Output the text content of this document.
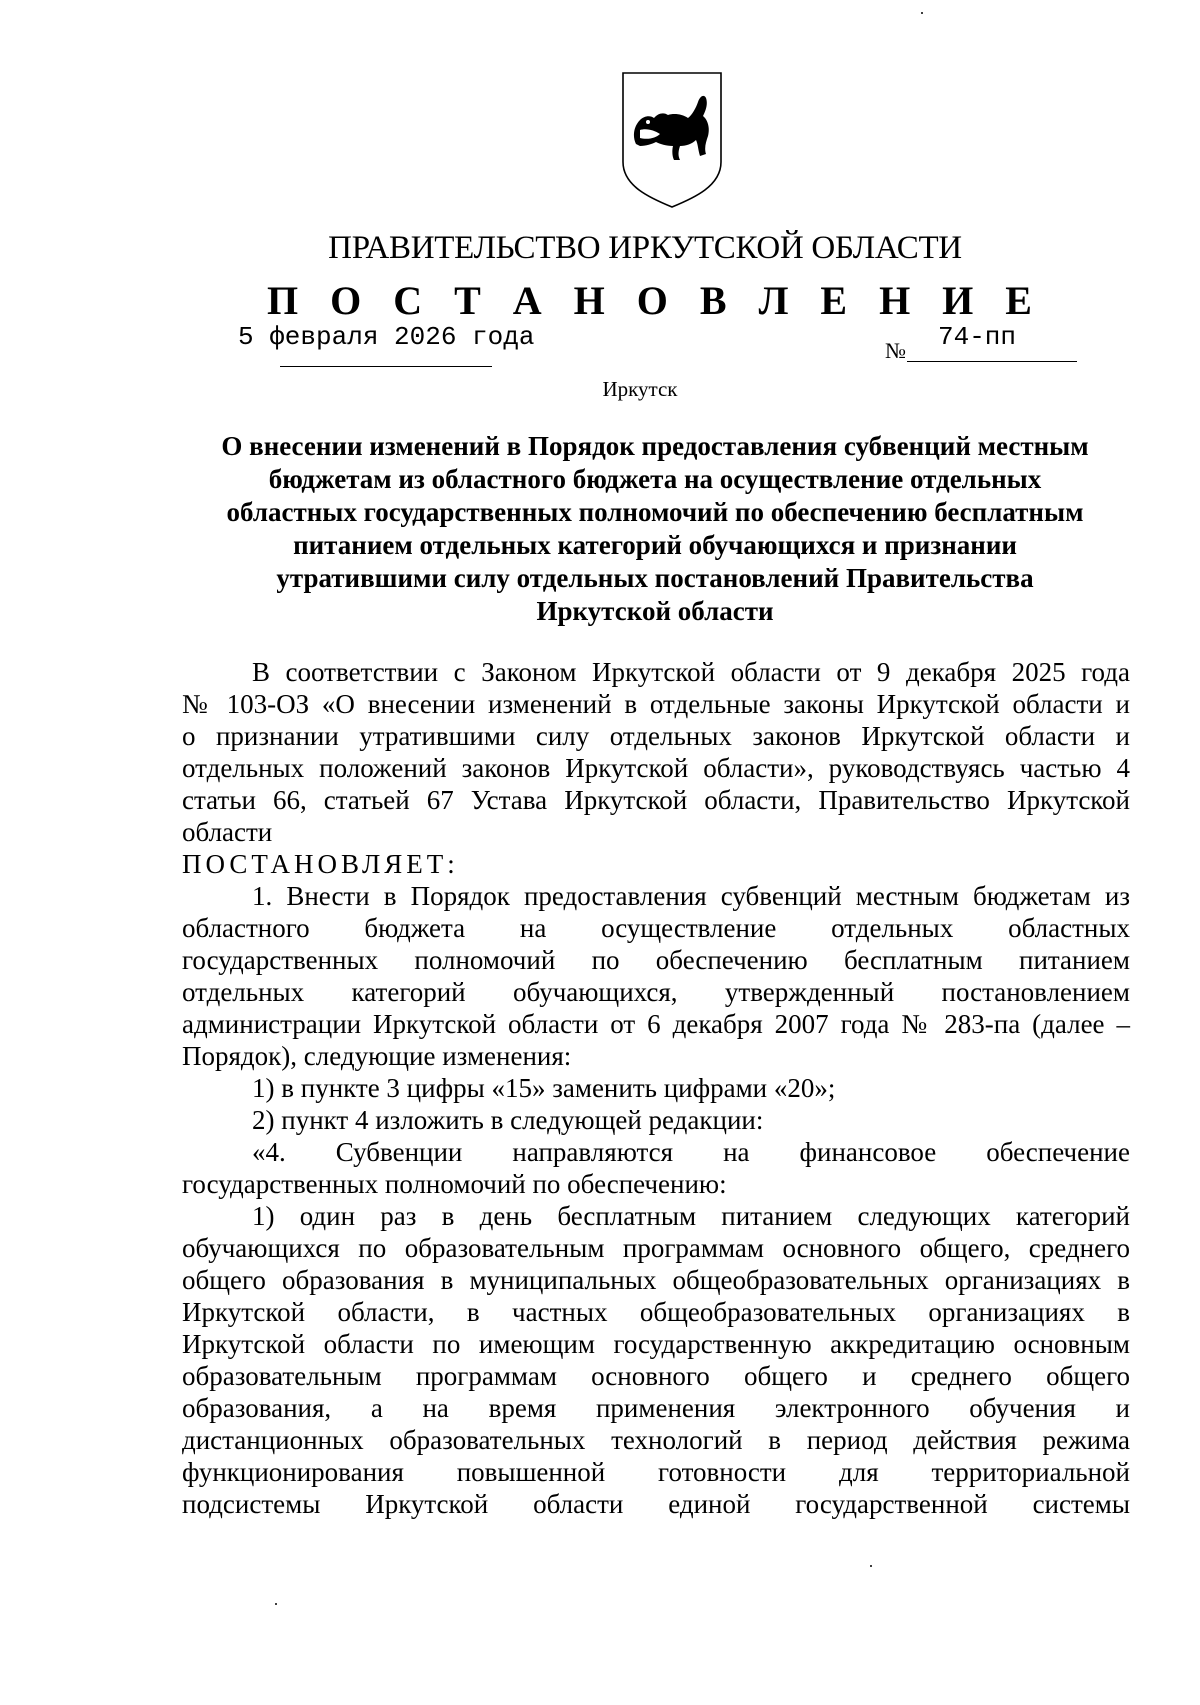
ПРАВИТЕЛЬСТВО ИРКУТСКОЙ ОБЛАСТИ
П О С Т А Н О В Л Е Н И Е
5 февраля 2026 года	№ 74-пп
Иркутск
О внесении изменений в Порядок предоставления субвенций местным
бюджетам из областного бюджета на осуществление отдельных
областных государственных полномочий по обеспечению бесплатным
питанием отдельных категорий обучающихся и признании
утратившими силу отдельных постановлений Правительства
Иркутской области

В соответствии с Законом Иркутской области от 9 декабря 2025 года

№ 103-ОЗ «О внесении изменений в отдельные законы Иркутской области и

о признании утратившими силу отдельных законов Иркутской области и

отдельных положений законов Иркутской области», руководствуясь частью 4

статьи 66, статьей 67 Устава Иркутской области, Правительство Иркутской

области

ПОСТАНОВЛЯЕТ:

1. Внести в Порядок предоставления субвенций местным бюджетам из

областного бюджета на осуществление отдельных областных

государственных полномочий по обеспечению бесплатным питанием

отдельных категорий обучающихся, утвержденный постановлением

администрации Иркутской области от 6 декабря 2007 года № 283-па (далее –

Порядок), следующие изменения:

1) в пункте 3 цифры «15» заменить цифрами «20»;

2) пункт 4 изложить в следующей редакции:

«4. Субвенции направляются на финансовое обеспечение

государственных полномочий по обеспечению:

1) один раз в день бесплатным питанием следующих категорий

обучающихся по образовательным программам основного общего, среднего

общего образования в муниципальных общеобразовательных организациях в

Иркутской области, в частных общеобразовательных организациях в

Иркутской области по имеющим государственную аккредитацию основным

образовательным программам основного общего и среднего общего

образования, а на время применения электронного обучения и

дистанционных образовательных технологий в период действия режима

функционирования повышенной готовности для территориальной

подсистемы Иркутской области единой государственной системы
